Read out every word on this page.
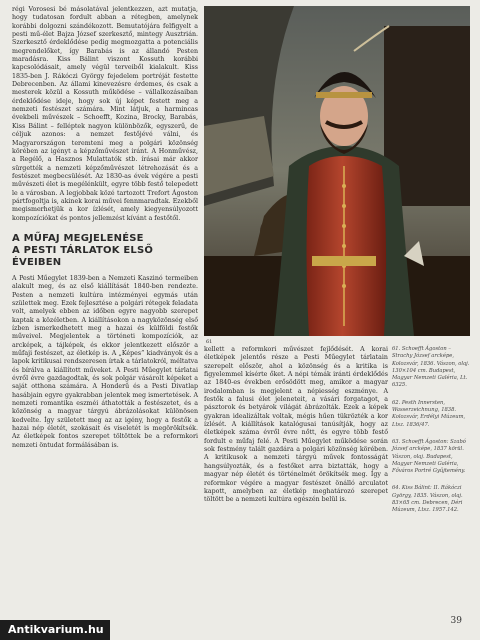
régi Vorosesi bé másolatával jelentkezzen, azt mutatja, hogy tudatosan fordult abban a rétegben, amelynek korábbi dolgozni szándékozott. Bemutatójára felfigyelt a pesti mű-élet Bajza József szerkesztő, mintegy Ausztrián. Szerkesztő érdeklődése pedig megmozgatta a potenciális megrendelőket, így Barabás is az állandó Pesten maradásra. Kiss Bálint viszont Kossuth korábbi kapcsolódásait, amely végül terveiből kialakult. Kiss 1835-ben J. Rákóczi György fejedelem portréját festette Debrecenben. Az állami kinevezésre érdemes, és csak a mesterek közül a Kossuth működése – vállalkozásaiban érdeklődése ideje, hogy sok új képet festett meg a nemzeti festészet számára. Mint látjuk, a harmincas évekbeli művészek – Schoefft, Kozina, Brocky, Barabás, Kiss Bálint – felléptek nagyon különbözők, egyszerű, de céljuk azonos: a nemzet festőjévé válni, és Magyarországon teremteni meg a polgári közönség körében az igényt a képzőművészet iránt. A Honművész, a Regélő, a Hasznos Mulattatók stb. írásai már akkor sürgették a nemzeti képzőművészet létrehozását és a festészet megbecsülését. Az 1830-as évek végére a pesti művészeti élet is megélénkült, egyre több festő telepedett le a városban. A legjobbak közé tartozott Trefort Ágoston pártfogoltja is, akinek korai művei fennmaradtak. Ezekből megismerhetjük a kor ízlését, amely kiegyensúlyozott kompozíciókat és pontos jellemzést kívánt a festőtől.

A MŰFAJ MEGJELENÉSE
A PESTI TÁRLATOK ELSŐ ÉVEIBEN

A Pesti Műegylet 1839-ben a Nemzeti Kaszinó termeiben alakult meg, és az első kiállítását 1840-ben rendezte. Pesten a nemzeti kultúra intézményei egymás után születtek meg. Ezek fejlesztése a polgári rétegek feladata volt, amelyek ebben az időben egyre nagyobb szerepet kaptak a közéletben. A kiállításokon a nagyközönség első ízben ismerkedhetett meg a hazai és külföldi festők műveivel. Megjelentek a történeti kompozíciók, az arcképek, a tájképek, és ekkor jelentkezett először a műfaji festészet, az életkép is. A „Képes” kiadványok és a lapok kritikusai rendszeresen írtak a tárlatokról, méltatva és bírálva a kiállított műveket. A Pesti Műegylet tárlatai évről évre gazdagodtak, és sok polgár vásárolt képeket a saját otthona számára. A Honderű és a Pesti Divatlap hasábjain egyre gyakrabban jelentek meg ismertetések. A nemzeti romantika eszméi áthatották a festészetet, és a közönség a magyar tárgyú ábrázolásokat különösen kedvelte. Így született meg az az igény, hogy a festők a hazai nép életét, szokásait és viseletét is megörökítsék. Az életképek fontos szerepet töltöttek be a reformkori nemzeti öntudat formálásában is.

61

kellett a reformkori művészet fejlődését. A korai életképek jelentős része a Pesti Műegylet tárlatain szerepelt először, ahol a közönség és a kritika is figyelemmel kísérte őket. A népi témák iránti érdeklődés az 1840-es években erősödött meg, amikor a magyar irodalomban is megjelent a népiesség eszménye. A festők a falusi élet jeleneteit, a vásári forgatagot, a pásztorok és betyárok világát ábrázolták. Ezek a képek gyakran idealizáltak voltak, mégis hűen tükrözték a kor ízlését. A kiállítások katalógusai tanúsítják, hogy az életképek száma évről évre nőtt, és egyre több festő fordult e műfaj felé. A Pesti Műegylet működése során sok festmény talált gazdára a polgári közönség körében. A kritikusok a nemzeti tárgyú művek fontosságát hangsúlyozták, és a festőket arra biztatták, hogy a magyar nép életét és történelmét örökítsék meg. Így a reformkor végére a magyar festészet önálló arculatot kapott, amelyben az életkép meghatározó szerepet töltött be a nemzeti kultúra egészén belül is.

61. Schoefft Ágoston – Strachy József arcképe, Kolozsvár, 1836. Vászon, olaj. 130×104 cm. Budapest, Magyar Nemzeti Galéria, Lt. 6325.

62. Pesth Innersten, Wasserzeichnung, 1838. Kolozsvár, Erdélyi Múzeum, Ltsz. 1836/47.

63. Schoefft Ágoston: Szabó József arcképe, 1837 körül. Vászon, olaj. Budapest, Magyar Nemzeti Galéria, Főváros Portré Gyűjtemény.

64. Kiss Bálint: II. Rákóczi György, 1835. Vászon, olaj. 83×65 cm. Debrecen, Déri Múzeum, Ltsz. 1957.142.

39
Antikvarium.hu
